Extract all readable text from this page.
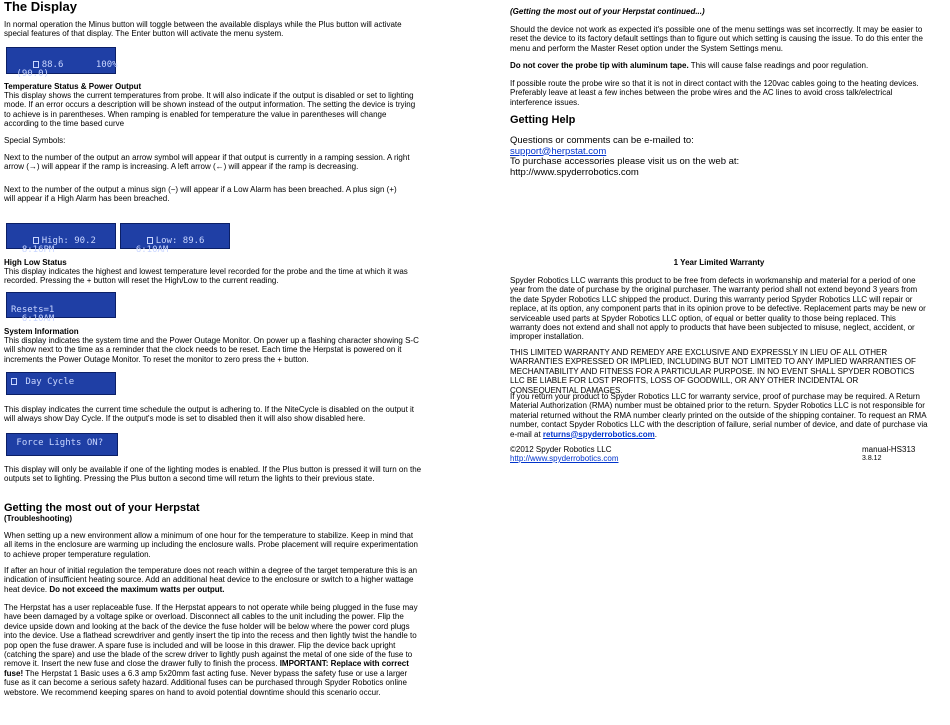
The Display

In normal operation the Minus button will toggle between the available displays while the Plus button will activate special features of that display. The Enter button will activate the menu system.

88.6	100%
(90.0)

Temperature Status & Power Output

This display shows the current temperatures from probe. It will also indicate if the output is disabled or set to lighting mode. If an error occurs a description will be shown instead of the output information. The setting the device is trying to achieve is in parentheses. When ramping is enabled for temperature the value in parentheses will change according to the time based curve

Special Symbols:

Next to the number of the output an arrow symbol will appear if that output is currently in a ramping session. A right arrow (→) will appear if the ramp is increasing. A left arrow (←) will appear if the ramp is decreasing.

Next to the number of the output a minus sign (−) will appear if a Low Alarm has been breached. A plus sign (+) will appear if a High Alarm has been breached.

High: 90.2
8:16PM

Low: 89.6
6:10AM

High Low Status

This display indicates the highest and lowest temperature level recorded for the probe and the time at which it was recorded. Pressing the + button will reset the High/Low to the current reading.

Resets=1
6:10AM

System Information

This display indicates the system time and the Power Outage Monitor. On power up a flashing character showing S-C will show next to the time as a reminder that the clock needs to be reset. Each time the Herpstat is powered on it increments the Power Outage Monitor. To reset the monitor to zero press the + button.

Day Cycle

This display indicates the current time schedule the output is adhering to. If the NiteCycle is disabled on the output it will always show Day Cycle. If the output's mode is set to disabled then it will also show disabled here.

Force Lights ON?

This display will only be available if one of the lighting modes is enabled. If the Plus button is pressed it will turn on the outputs set to lighting. Pressing the Plus button a second time will return the lights to their previous state.

Getting the most out of your Herpstat

(Troubleshooting)

When setting up a new environment allow a minimum of one hour for the temperature to stabilize. Keep in mind that all items in the enclosure are warming up including the enclosure walls. Probe placement will require experimentation to achieve proper temperature regulation.

If after an hour of initial regulation the temperature does not reach within a degree of the target temperature this is an indication of insufficient heating source. Add an additional heat device to the enclosure or switch to a higher wattage heat device. Do not exceed the maximum watts per output.

The Herpstat has a user replaceable fuse. If the Herpstat appears to not operate while being plugged in the fuse may have been damaged by a voltage spike or overload. Disconnect all cables to the unit including the power. Flip the device upside down and looking at the back of the device the fuse holder will be below where the power cord plugs into the device. Use a flathead screwdriver and gently insert the tip into the recess and then lightly twist the handle to pop open the fuse drawer. A spare fuse is included and will be loose in this drawer. Flip the device back upright (catching the spare) and use the blade of the screw driver to lightly push against the metal of one side of the fuse to remove it. Insert the new fuse and close the drawer fully to finish the process. IMPORTANT: Replace with correct fuse! The Herpstat 1 Basic uses a 6.3 amp 5x20mm fast acting fuse. Never bypass the safety fuse or use a larger fuse as it can become a serious safety hazard. Additional fuses can be purchased through Spyder Robotics online webstore. We recommend keeping spares on hand to avoid potential downtime should this scenario occur.

(Getting the most out of your Herpstat continued...)

Should the device not work as expected it's possible one of the menu settings was set incorrectly. It may be easier to reset the device to its factory default settings than to figure out which setting is causing the issue. To do this enter the menu and perform the Master Reset option under the System Settings menu.

Do not cover the probe tip with aluminum tape. This will cause false readings and poor regulation.

If possible route the probe wire so that it is not in direct contact with the 120vac cables going to the heating devices. Preferably leave at least a few inches between the probe wires and the AC lines to avoid cross talk/electrical interference issues.

Getting Help
Questions or comments can be e-mailed to:
support@herpstat.com
To purchase accessories please visit us on the web at:
http://www.spyderrobotics.com

1 Year Limited Warranty

Spyder Robotics LLC warrants this product to be free from defects in workmanship and material for a period of one year from the date of purchase by the original purchaser. The warranty period shall not extend beyond 3 years from the date Spyder Robotics LLC shipped the product. During this warranty period Spyder Robotics LLC will repair or replace, at its option, any component parts that in its opinion prove to be defective. Replacement parts may be new or serviceable used parts at Spyder Robotics LLC option, of equal or better quality to those being replaced. This warranty does not extend and shall not apply to products that have been subjected to misuse, neglect, accident, or improper installation.

THIS LIMITED WARRANTY AND REMEDY ARE EXCLUSIVE AND EXPRESSLY IN LIEU OF ALL OTHER WARRANTIES EXPRESSED OR IMPLIED, INCLUDING BUT NOT LIMITED TO ANY IMPLIED WARRANTIES OF MECHANTABILITY AND FITNESS FOR A PARTICULAR PURPOSE. IN NO EVENT SHALL SPYDER ROBOTICS LLC BE LIABLE FOR LOST PROFITS, LOSS OF GOODWILL, OR ANY OTHER INCIDENTAL OR CONSEQUENTIAL DAMAGES.

If you return your product to Spyder Robotics LLC for warranty service, proof of purchase may be required. A Return Material Authorization (RMA) number must be obtained prior to the return. Spyder Robotics LLC is not responsible for material returned without the RMA number clearly printed on the outside of the shipping container. To request an RMA number, contact Spyder Robotics LLC with the description of failure, serial number of device, and date of purchase via e-mail at returns@spyderrobotics.com.

©2012 Spyder Robotics LLC

http://www.spyderrobotics.com

manual-HS313

3.8.12
